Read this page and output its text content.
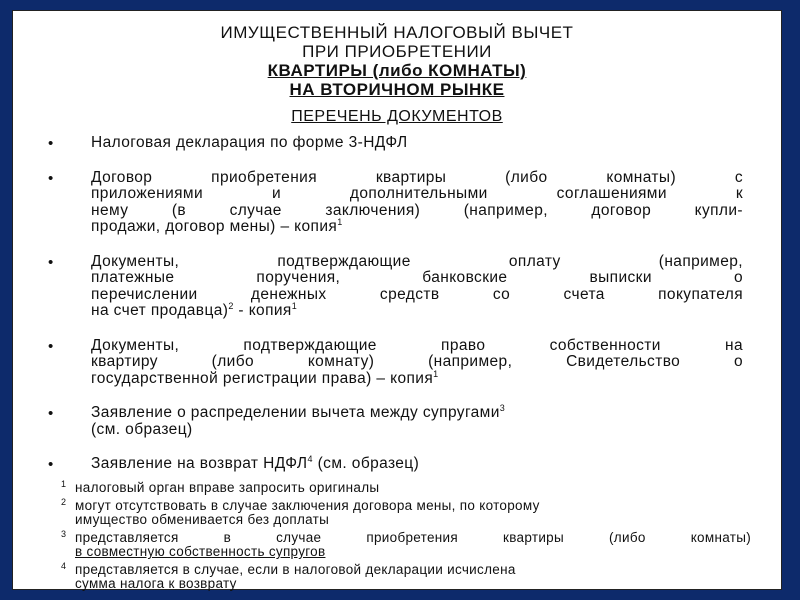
ИМУЩЕСТВЕННЫЙ НАЛОГОВЫЙ ВЫЧЕТ
ПРИ ПРИОБРЕТЕНИИ
КВАРТИРЫ (либо КОМНАТЫ)
НА ВТОРИЧНОМ РЫНКЕ
ПЕРЕЧЕНЬ ДОКУМЕНТОВ
• Налоговая декларация по форме 3-НДФЛ
• Договор приобретения квартиры (либо комнаты) с
приложениями и дополнительными соглашениями к
нему (в случае заключения) (например, договор купли-
продажи, договор мены) – копия$^1$
• Документы, подтверждающие оплату (например,
платежные поручения, банковские выписки о
перечислении денежных средств со счета покупателя
на счет продавца)$^2$ - копия$^1$
• Документы, подтверждающие право собственности на
квартиру (либо комнату) (например, Свидетельство о
государственной регистрации права) – копия$^1$
• Заявление о распределении вычета между супругами$^3$
(см. образец)
• Заявление на возврат НДФЛ$^4$ (см. образец)
1 налоговый орган вправе запросить оригиналы
2 могут отсутствовать в случае заключения договора мены, по которому
имущество обменивается без доплаты
3 представляется в случае приобретения квартиры (либо комнаты)
в совместную собственность супругов
4 представляется в случае, если в налоговой декларации исчислена
сумма налога к возврату
